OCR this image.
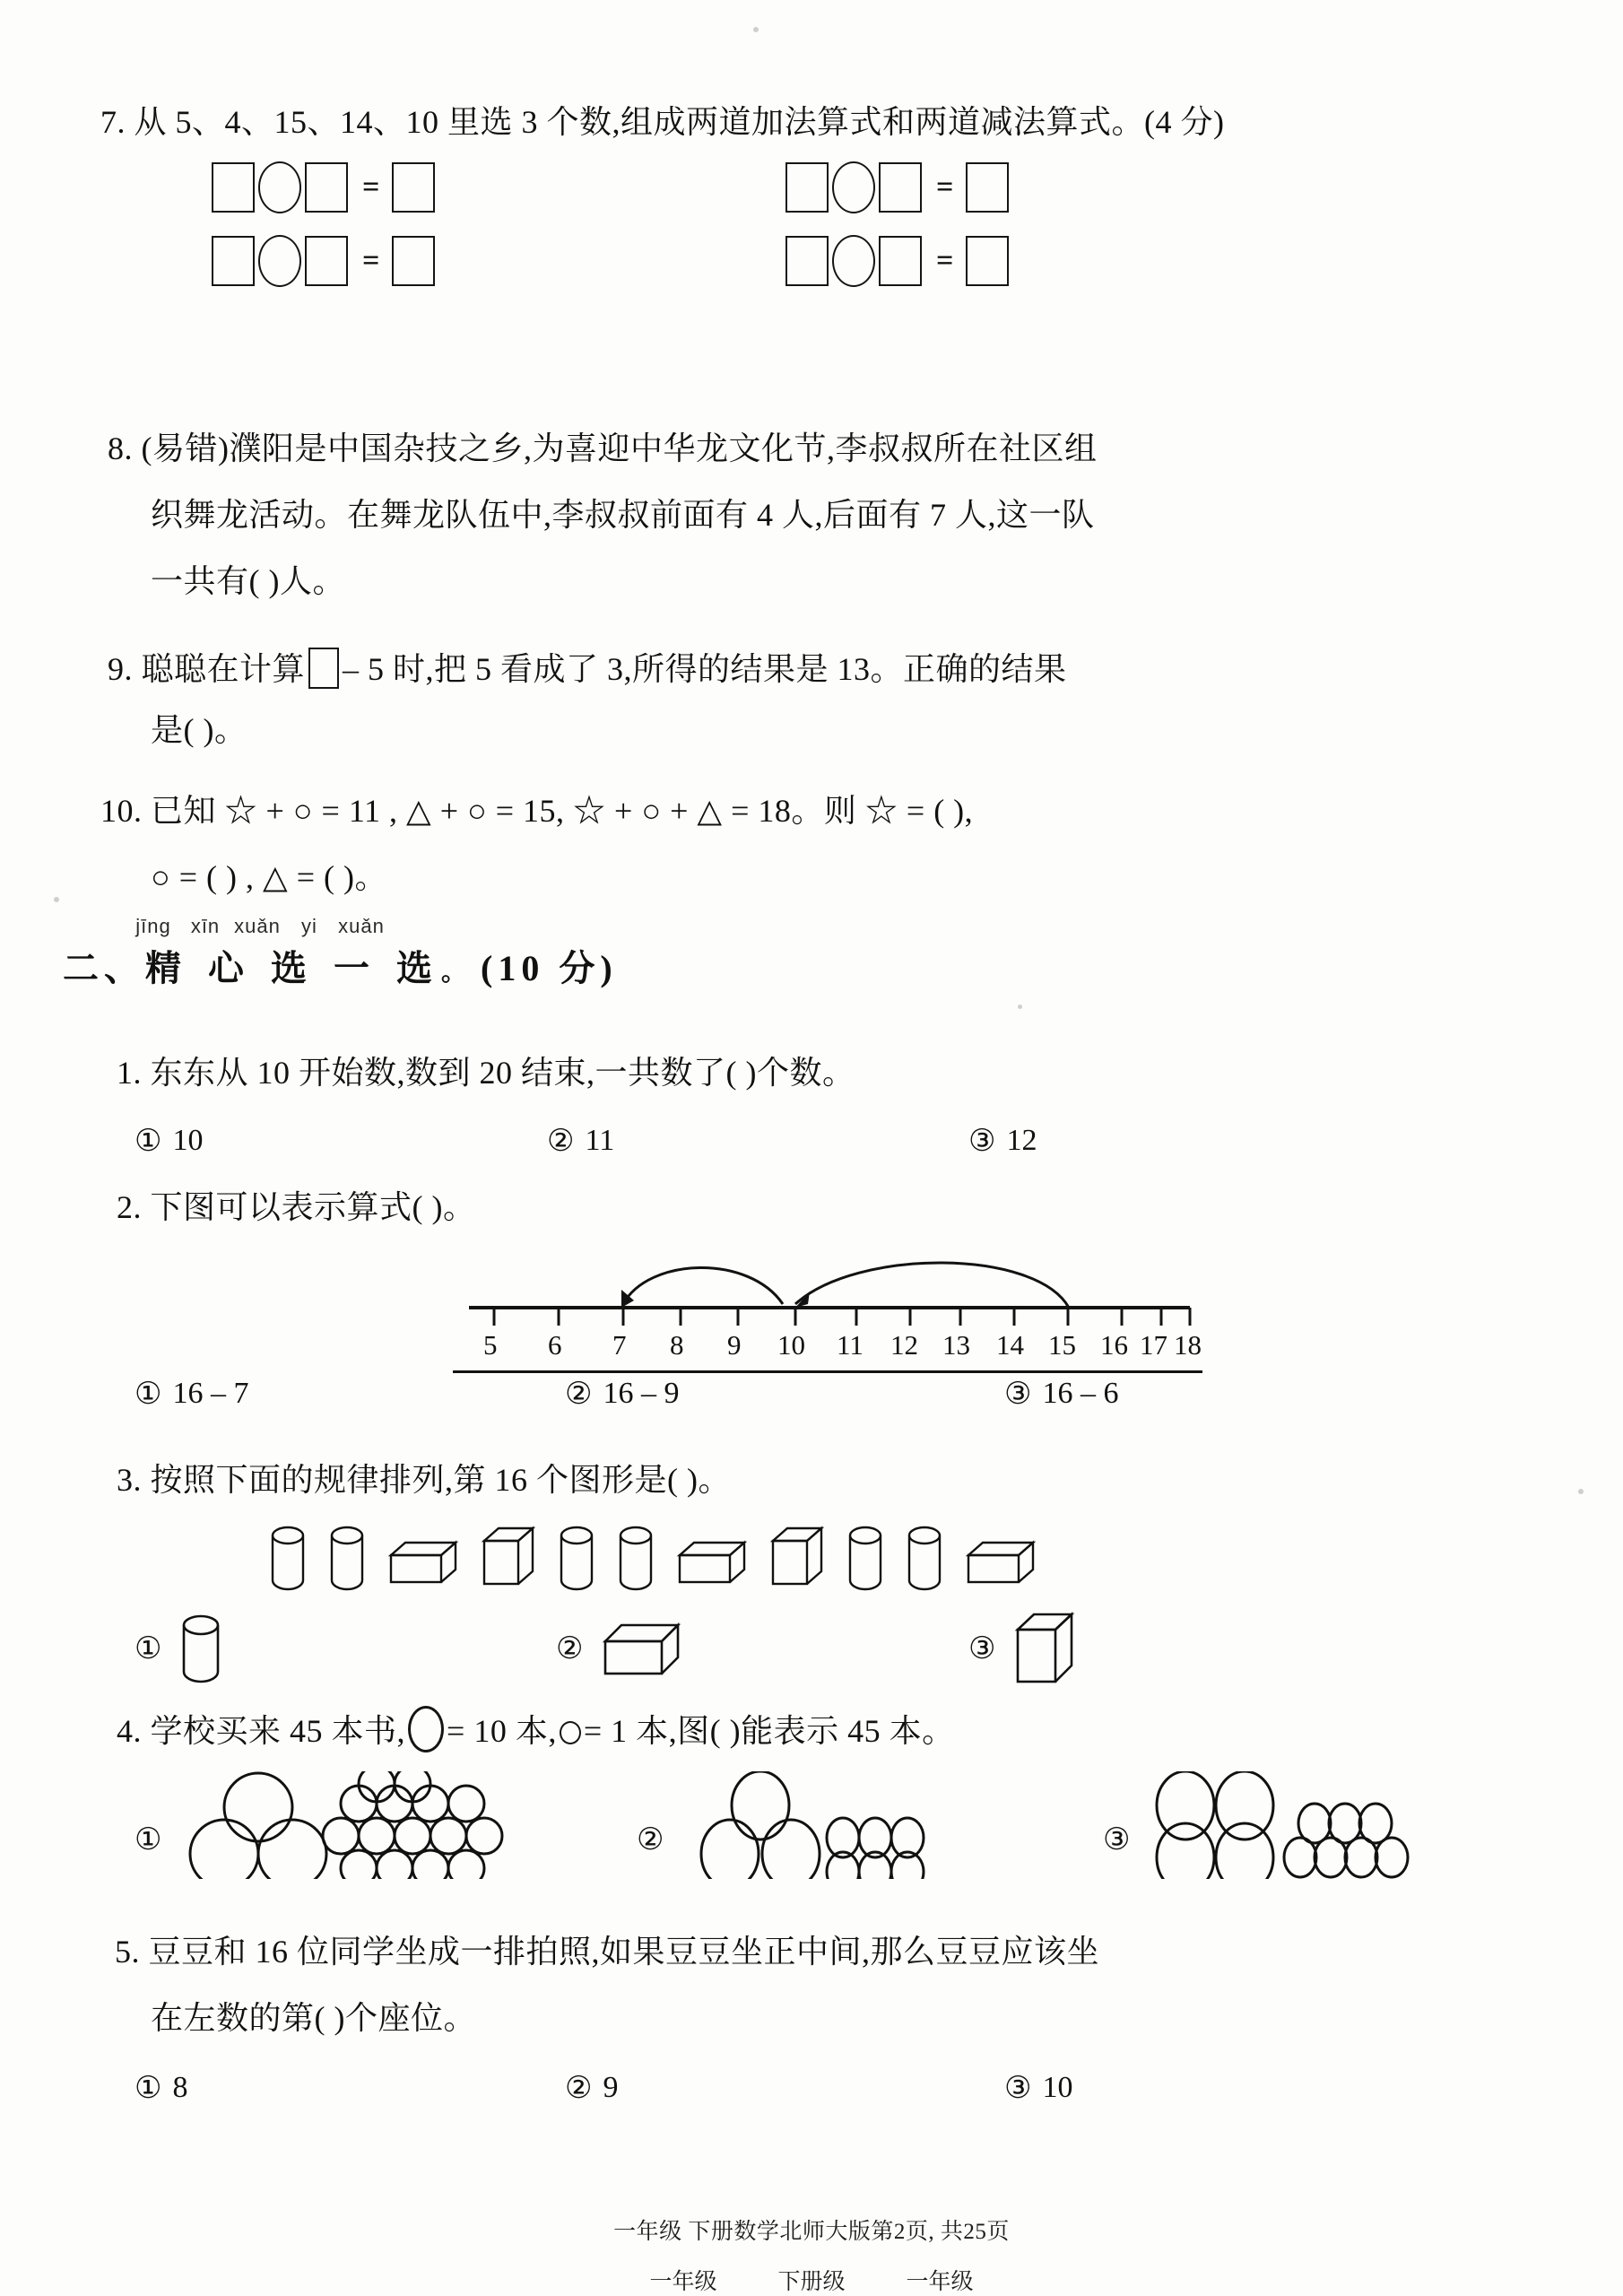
7. 从 5、4、15、14、10 里选 3 个数,组成两道加法算式和两道减法算式。(4 分)
=	=
=	=
8. (易错)濮阳是中国杂技之乡,为喜迎中华龙文化节,李叔叔所在社区组
织舞龙活动。在舞龙队伍中,李叔叔前面有 4 人,后面有 7 人,这一队
一共有( )人。
9. 聪聪在计算 – 5 时,把 5 看成了 3,所得的结果是 13。正确的结果
是( )。
10. 已知 ☆ + ○ = 11 , △ + ○ = 15, ☆ + ○ + △ = 18。则 ☆ = ( ),
○ = ( ) , △ = ( )。
jīng xīn xuǎn yi xuǎn
二、精 心 选 一 选。 (10 分)
1. 东东从 10 开始数,数到 20 结束,一共数了( )个数。
① 10	② 11	③ 12
2. 下图可以表示算式( )。
5 6 7 8 9 10 11 12 13 14 15 16 17 18
① 16 – 7	② 16 – 9	③ 16 – 6
3. 按照下面的规律排列,第 16 个图形是( )。
①	②	③
4. 学校买来 45 本书, = 10 本, = 1 本,图( )能表示 45 本。
①	②	③
5. 豆豆和 16 位同学坐成一排拍照,如果豆豆坐正中间,那么豆豆应该坐
在左数的第( )个座位。
① 8	② 9	③ 10
一年级 下册数学北师大版第2页, 共25页
一年级	下册级	一年级
